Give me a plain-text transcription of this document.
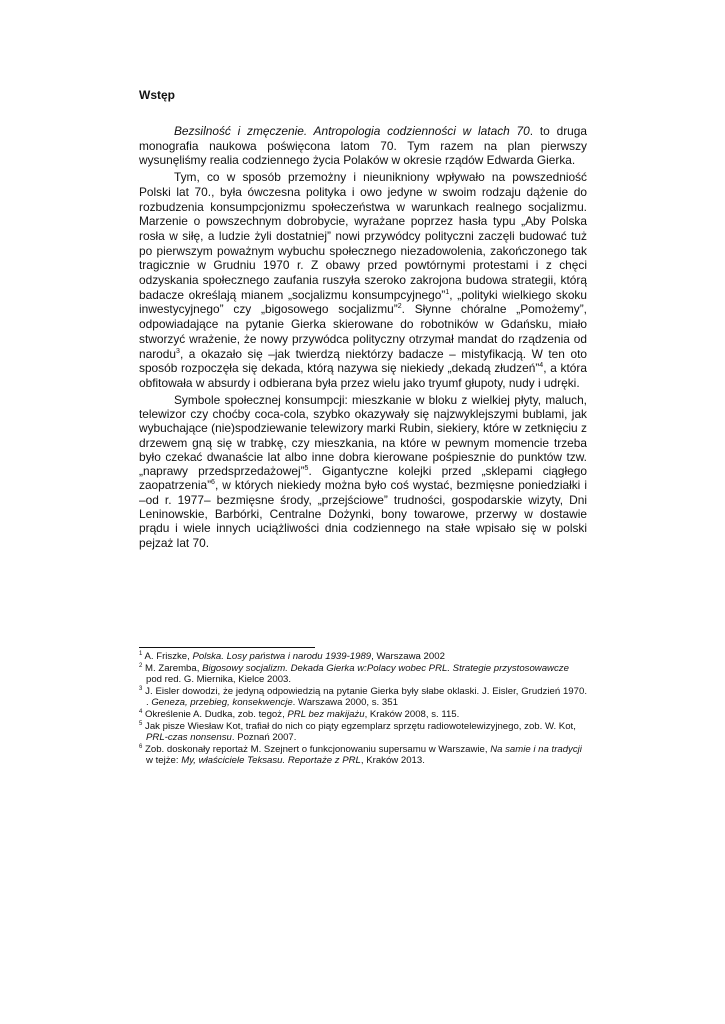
Wstęp

Bezsilność i zmęczenie. Antropologia codzienności w latach 70. to druga monografia naukowa poświęcona latom 70. Tym razem na plan pierwszy wysunęliśmy realia codziennego życia Polaków w okresie rządów Edwarda Gierka.

Tym, co w sposób przemożny i nieunikniony wpływało na powszedniość Polski lat 70., była ówczesna polityka i owo jedyne w swoim rodzaju dążenie do rozbudzenia konsumpcjonizmu społeczeństwa w warunkach realnego socjalizmu. Marzenie o powszechnym dobrobycie, wyrażane poprzez hasła typu „Aby Polska rosła w siłę, a ludzie żyli dostatniej” nowi przywódcy polityczni zaczęli budować tuż po pierwszym poważnym wybuchu społecznego niezadowolenia, zakończonego tak tragicznie w Grudniu 1970 r. Z obawy przed powtórnymi protestami i z chęci odzyskania społecznego zaufania ruszyła szeroko zakrojona budowa strategii, którą badacze określają mianem „socjalizmu konsumpcyjnego”$^1$, „polityki wielkiego skoku inwestycyjnego” czy „bigosowego socjalizmu”$^2$. Słynne chóralne „Pomożemy”, odpowiadające na pytanie Gierka skierowane do robotników w Gdańsku, miało stworzyć wrażenie, że nowy przywódca polityczny otrzymał mandat do rządzenia od narodu$^3$, a okazało się –jak twierdzą niektórzy badacze – mistyfikacją. W ten oto sposób rozpoczęła się dekada, którą nazywa się niekiedy „dekadą złudzeń”$^4$, a która obfitowała w absurdy i odbierana była przez wielu jako tryumf głupoty, nudy i udręki.

Symbole społecznej konsumpcji: mieszkanie w bloku z wielkiej płyty, maluch, telewizor czy choćby coca-cola, szybko okazywały się najzwyklejszymi bublami, jak wybuchające (nie)spodziewanie telewizory marki Rubin, siekiery, które w zetknięciu z drzewem gną się w trabkę, czy mieszkania, na które w pewnym momencie trzeba było czekać dwanaście lat albo inne dobra kierowane pośpiesznie do punktów tzw. „naprawy przedsprzedażowej”$^5$. Gigantyczne kolejki przed „sklepami ciągłego zaopatrzenia”$^6$, w których niekiedy można było coś wystać, bezmięsne poniedziałki i –od r. 1977– bezmięsne środy, „przejściowe” trudności, gospodarskie wizyty, Dni Leninowskie, Barbórki, Centralne Dożynki, bony towarowe, przerwy w dostawie prądu i wiele innych uciążliwości dnia codziennego na stałe wpisało się w polski pejzaż lat 70.

$^1$ A. Friszke, Polska. Losy państwa i narodu 1939-1989, Warszawa 2002
$^2$ M. Zaremba, Bigosowy socjalizm. Dekada Gierka w:Polacy wobec PRL. Strategie przystosowawcze pod red. G. Miernika, Kielce 2003.
$^3$ J. Eisler dowodzi, że jedyną odpowiedzią na pytanie Gierka były słabe oklaski. J. Eisler, Grudzień 1970. . Geneza, przebieg, konsekwencje. Warszawa 2000, s. 351
$^4$ Określenie A. Dudka, zob. tegoż, PRL bez makijażu, Kraków 2008, s. 115.
$^5$ Jak pisze Wiesław Kot, trafiał do nich co piąty egzemplarz sprzętu radiowotelewizyjnego, zob. W. Kot, PRL-czas nonsensu. Poznań 2007.
$^6$ Zob. doskonały reportaż M. Szejnert o funkcjonowaniu supersamu w Warszawie, Na samie i na tradycji w tejże: My, właściciele Teksasu. Reportaże z PRL, Kraków 2013.
